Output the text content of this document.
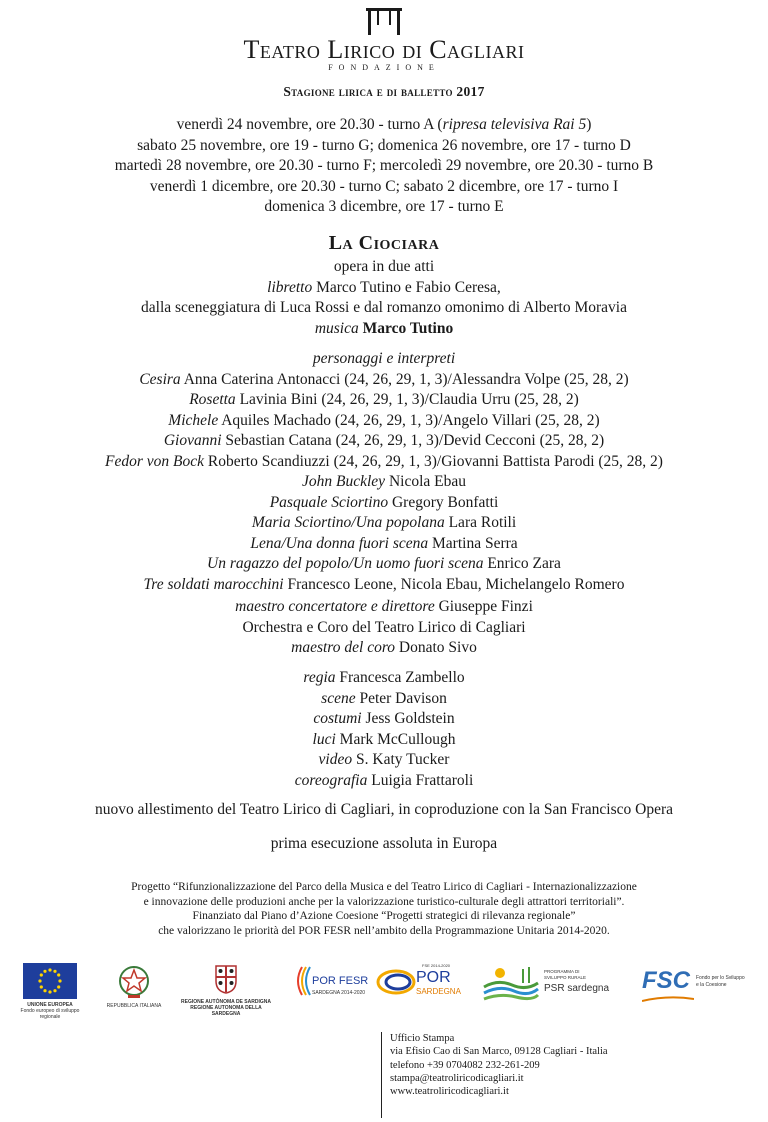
Teatro Lirico di Cagliari
FONDAZIONE
Stagione lirica e di balletto 2017
venerdì 24 novembre, ore 20.30 - turno A (ripresa televisiva Rai 5)
sabato 25 novembre, ore 19 - turno G; domenica 26 novembre, ore 17 - turno D
martedì 28 novembre, ore 20.30 - turno F; mercoledì 29 novembre, ore 20.30 - turno B
venerdì 1 dicembre, ore 20.30 - turno C; sabato 2 dicembre, ore 17 - turno I
domenica 3 dicembre, ore 17 - turno E
La Ciociara
opera in due atti
libretto Marco Tutino e Fabio Ceresa,
dalla sceneggiatura di Luca Rossi e dal romanzo omonimo di Alberto Moravia
musica Marco Tutino
personaggi e interpreti
Cesira Anna Caterina Antonacci (24, 26, 29, 1, 3)/Alessandra Volpe (25, 28, 2)
Rosetta Lavinia Bini (24, 26, 29, 1, 3)/Claudia Urru (25, 28, 2)
Michele Aquiles Machado (24, 26, 29, 1, 3)/Angelo Villari (25, 28, 2)
Giovanni Sebastian Catana (24, 26, 29, 1, 3)/Devid Cecconi (25, 28, 2)
Fedor von Bock Roberto Scandiuzzi (24, 26, 29, 1, 3)/Giovanni Battista Parodi (25, 28, 2)
John Buckley Nicola Ebau
Pasquale Sciortino Gregory Bonfatti
Maria Sciortino/Una popolana Lara Rotili
Lena/Una donna fuori scena Martina Serra
Un ragazzo del popolo/Un uomo fuori scena Enrico Zara
Tre soldati marocchini Francesco Leone, Nicola Ebau, Michelangelo Romero
maestro concertatore e direttore Giuseppe Finzi
Orchestra e Coro del Teatro Lirico di Cagliari
maestro del coro Donato Sivo
regia Francesca Zambello
scene Peter Davison
costumi Jess Goldstein
luci Mark McCullough
video S. Katy Tucker
coreografia Luigia Frattaroli
nuovo allestimento del Teatro Lirico di Cagliari, in coproduzione con la San Francisco Opera
prima esecuzione assoluta in Europa
Progetto “Rifunzionalizzazione del Parco della Musica e del Teatro Lirico di Cagliari - Internazionalizzazione
e innovazione delle produzioni anche per la valorizzazione turistico-culturale degli attrattori territoriali”.
Finanziato dal Piano d’Azione Coesione “Progetti strategici di rilevanza regionale”
che valorizzano le priorità del POR FESR nell’ambito della Programmazione Unitaria 2014-2020.
UNIONE EUROPEA
Fondo europeo di sviluppo regionale
REPUBBLICA ITALIANA
REGIONE AUTÒNOMA DE SARDIGNA
REGIONE AUTONOMA DELLA SARDEGNA
POR FESR
SARDEGNA 2014-2020
FSE 2014-2020
POR
SARDEGNA
PROGRAMMA DI SVILUPPO RURALE
PSR sardegna FSC Fondo per lo Sviluppo
e la Coesione
Ufficio Stampa
via Efisio Cao di San Marco, 09128 Cagliari - Italia
telefono +39 0704082 232-261-209
stampa@teatroliricodicagliari.it
www.teatroliricodicagliari.it
